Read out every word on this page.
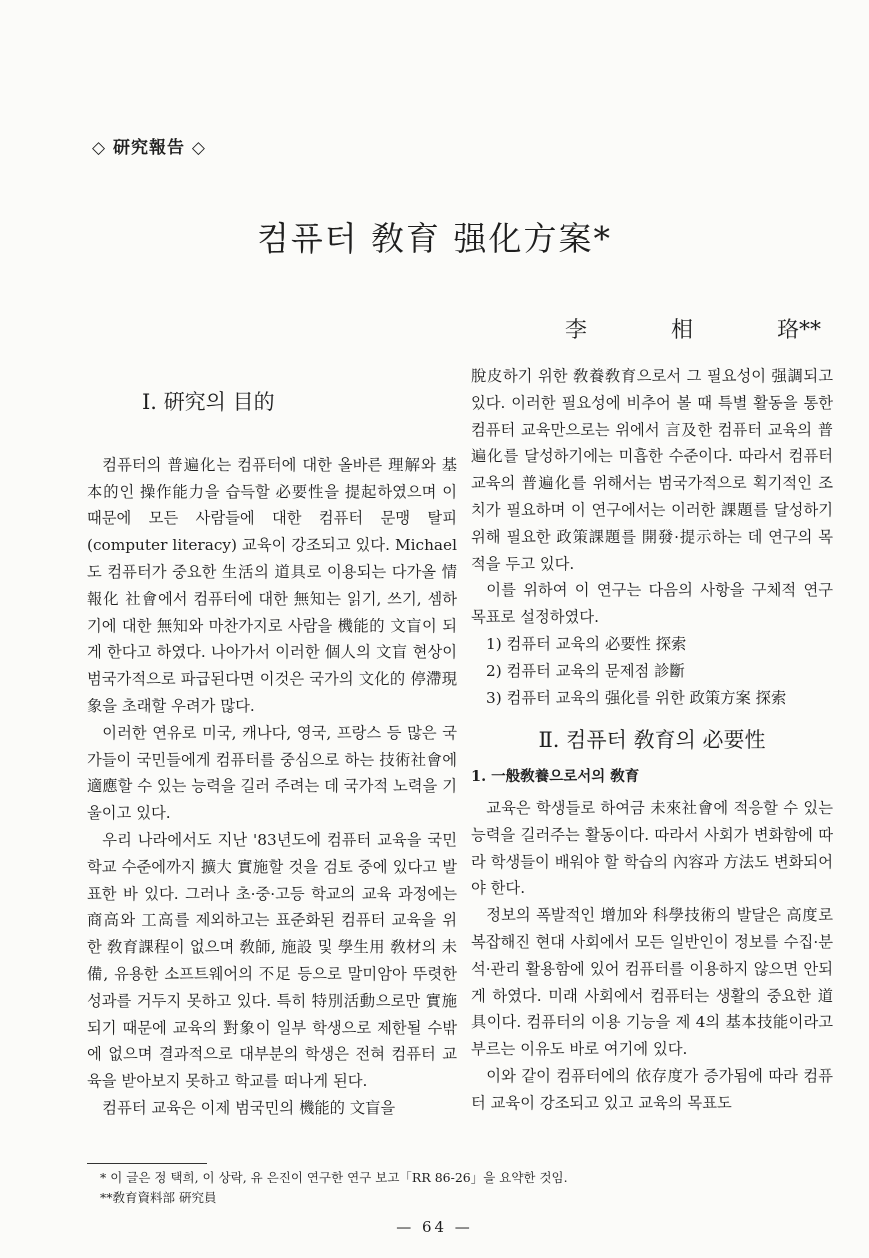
◇ 研究報告 ◇
컴퓨터 敎育 强化方案*
李	相	珞**

Ⅰ. 硏究의 目的

컴퓨터의 普遍化는 컴퓨터에 대한 올바른 理解와 基本的인 操作能力을 습득할 必要性을 提起하였으며 이 때문에 모든 사람들에 대한 컴퓨터 문맹 탈피(computer literacy) 교육이 강조되고 있다. Michael도 컴퓨터가 중요한 生活의 道具로 이용되는 다가올 情報化 社會에서 컴퓨터에 대한 無知는 읽기, 쓰기, 셈하기에 대한 無知와 마찬가지로 사람을 機能的 文盲이 되게 한다고 하였다. 나아가서 이러한 個人의 文盲 현상이 범국가적으로 파급된다면 이것은 국가의 文化的 停滯現象을 초래할 우려가 많다.

이러한 연유로 미국, 캐나다, 영국, 프랑스 등 많은 국가들이 국민들에게 컴퓨터를 중심으로 하는 技術社會에 適應할 수 있는 능력을 길러 주려는 데 국가적 노력을 기울이고 있다.

우리 나라에서도 지난 '83년도에 컴퓨터 교육을 국민 학교 수준에까지 擴大 實施할 것을 검토 중에 있다고 발표한 바 있다. 그러나 초·중·고등 학교의 교육 과정에는 商高와 工高를 제외하고는 표준화된 컴퓨터 교육을 위한 敎育課程이 없으며 敎師, 施設 및 學生用 敎材의 未備, 유용한 소프트웨어의 不足 등으로 말미암아 뚜렷한 성과를 거두지 못하고 있다. 특히 特別活動으로만 實施되기 때문에 교육의 對象이 일부 학생으로 제한될 수밖에 없으며 결과적으로 대부분의 학생은 전혀 컴퓨터 교육을 받아보지 못하고 학교를 떠나게 된다.

컴퓨터 교육은 이제 범국민의 機能的 文盲을

脫皮하기 위한 敎養敎育으로서 그 필요성이 强調되고 있다. 이러한 필요성에 비추어 볼 때 특별 활동을 통한 컴퓨터 교육만으로는 위에서 言及한 컴퓨터 교육의 普遍化를 달성하기에는 미흡한 수준이다. 따라서 컴퓨터 교육의 普遍化를 위해서는 범국가적으로 획기적인 조치가 필요하며 이 연구에서는 이러한 課題를 달성하기 위해 필요한 政策課題를 開發·提示하는 데 연구의 목적을 두고 있다.

이를 위하여 이 연구는 다음의 사항을 구체적 연구 목표로 설정하였다.

1) 컴퓨터 교육의 必要性 探索
2) 컴퓨터 교육의 문제점 診斷
3) 컴퓨터 교육의 强化를 위한 政策方案 探索

Ⅱ. 컴퓨터 敎育의 必要性

1. 一般敎養으로서의 敎育

교육은 학생들로 하여금 未來社會에 적응할 수 있는 능력을 길러주는 활동이다. 따라서 사회가 변화함에 따라 학생들이 배워야 할 학습의 內容과 方法도 변화되어야 한다.

정보의 폭발적인 增加와 科學技術의 발달은 高度로 복잡해진 현대 사회에서 모든 일반인이 정보를 수집·분석·관리 활용함에 있어 컴퓨터를 이용하지 않으면 안되게 하였다. 미래 사회에서 컴퓨터는 생활의 중요한 道具이다. 컴퓨터의 이용 기능을 제 4의 基本技能이라고 부르는 이유도 바로 여기에 있다.

이와 같이 컴퓨터에의 依存度가 증가됨에 따라 컴퓨터 교육이 강조되고 있고 교육의 목표도

* 이 글은 정 택희, 이 상락, 유 은진이 연구한 연구 보고「RR 86-26」을 요약한 것임.
**敎育資料部 硏究員
— 64 —
